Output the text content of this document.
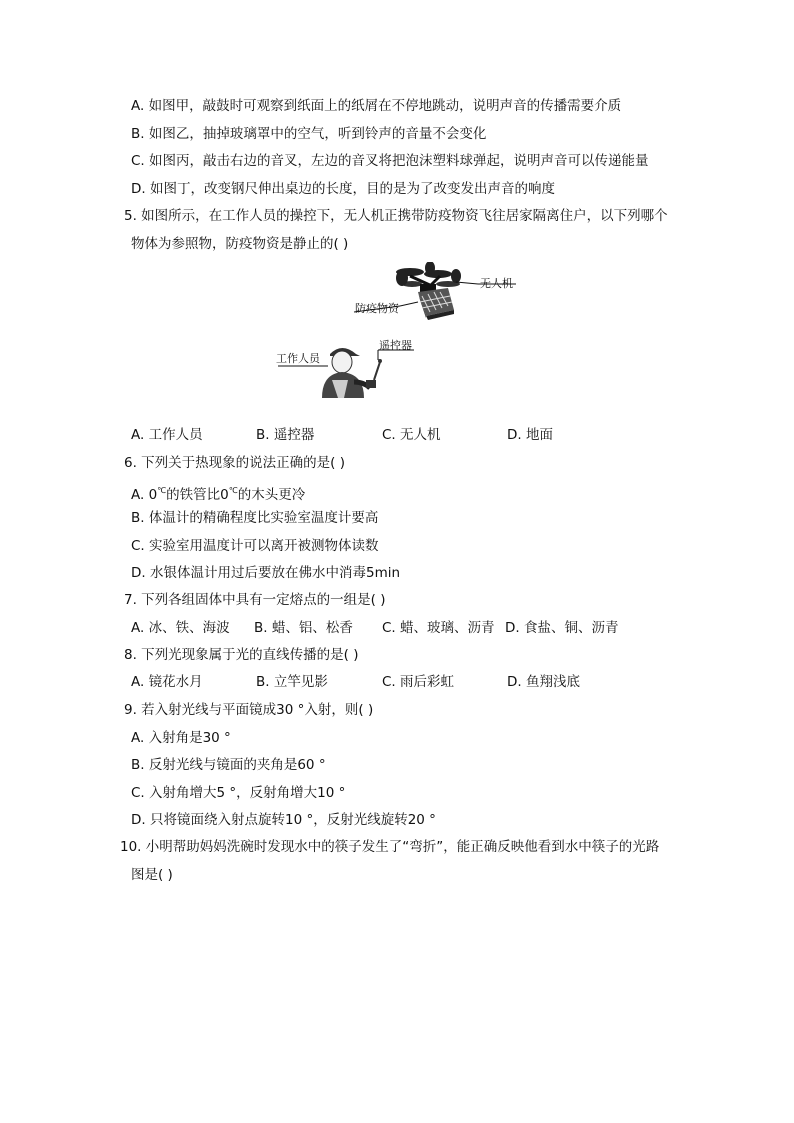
A. 如图甲，敲鼓时可观察到纸面上的纸屑在不停地跳动，说明声音的传播需要介质
B. 如图乙，抽掉玻璃罩中的空气，听到铃声的音量不会变化
C. 如图丙，敲击右边的音叉，左边的音叉将把泡沫塑料球弹起，说明声音可以传递能量
D. 如图丁，改变钢尺伸出桌边的长度，目的是为了改变发出声音的响度
5. 如图所示，在工作人员的操控下，无人机正携带防疫物资飞往居家隔离住户，以下列哪个
物体为参照物，防疫物资是静止的( )
无人机
防疫物资
遥控器
工作人员
A. 工作人员	B. 遥控器	C. 无人机	D. 地面
6. 下列关于热现象的说法正确的是( )
A. 0℃的铁管比0℃的木头更冷
B. 体温计的精确程度比实验室温度计要高
C. 实验室用温度计可以离开被测物体读数
D. 水银体温计用过后要放在佛水中消毒5min
7. 下列各组固体中具有一定熔点的一组是( )
A. 冰、铁、海波 B. 蜡、铝、松香 C. 蜡、玻璃、沥青 D. 食盐、铜、沥青
8. 下列光现象属于光的直线传播的是( )
A. 镜花水月	B. 立竿见影	C. 雨后彩虹	D. 鱼翔浅底
9. 若入射光线与平面镜成30 °入射，则( )
A. 入射角是30 °
B. 反射光线与镜面的夹角是60 °
C. 入射角增大5 °，反射角增大10 °
D. 只将镜面绕入射点旋转10 °，反射光线旋转20 °
10. 小明帮助妈妈洗碗时发现水中的筷子发生了“弯折”，能正确反映他看到水中筷子的光路
图是( )
